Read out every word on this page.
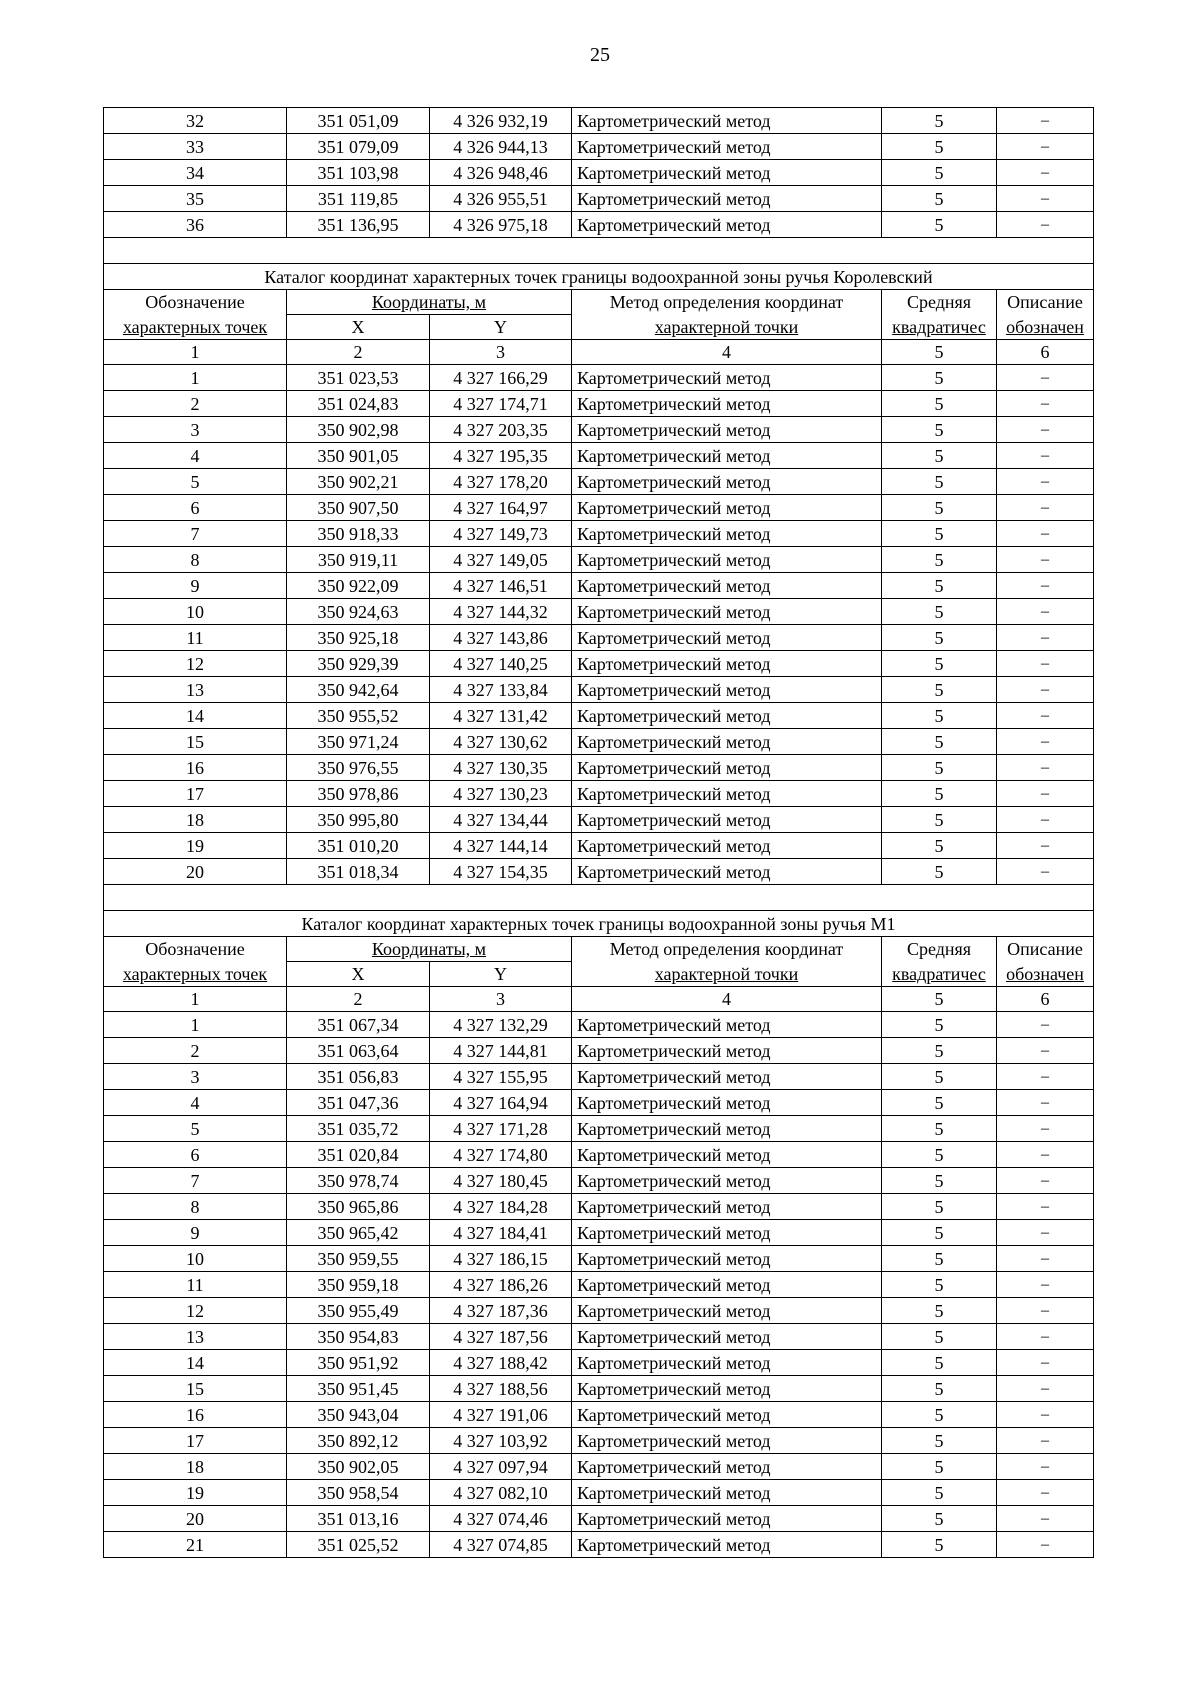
25
32	351 051,09	4 326 932,19	Картометрический метод	5	–
33	351 079,09	4 326 944,13	Картометрический метод	5	–
34	351 103,98	4 326 948,46	Картометрический метод	5	–
35	351 119,85	4 326 955,51	Картометрический метод	5	–
36	351 136,95	4 326 975,18	Картометрический метод	5	–

Каталог координат характерных точек границы водоохранной зоны ручья Королевский					
Обозначение	Координаты, м		Метод определения координат	Средняя	Описание
характерных точек	X	Y	характерной точки	квадратичес	обозначен
1	2	3	4	5	6
1	351 023,53	4 327 166,29	Картометрический метод	5	–
2	351 024,83	4 327 174,71	Картометрический метод	5	–
3	350 902,98	4 327 203,35	Картометрический метод	5	–
4	350 901,05	4 327 195,35	Картометрический метод	5	–
5	350 902,21	4 327 178,20	Картометрический метод	5	–
6	350 907,50	4 327 164,97	Картометрический метод	5	–
7	350 918,33	4 327 149,73	Картометрический метод	5	–
8	350 919,11	4 327 149,05	Картометрический метод	5	–
9	350 922,09	4 327 146,51	Картометрический метод	5	–
10	350 924,63	4 327 144,32	Картометрический метод	5	–
11	350 925,18	4 327 143,86	Картометрический метод	5	–
12	350 929,39	4 327 140,25	Картометрический метод	5	–
13	350 942,64	4 327 133,84	Картометрический метод	5	–
14	350 955,52	4 327 131,42	Картометрический метод	5	–
15	350 971,24	4 327 130,62	Картометрический метод	5	–
16	350 976,55	4 327 130,35	Картометрический метод	5	–
17	350 978,86	4 327 130,23	Картометрический метод	5	–
18	350 995,80	4 327 134,44	Картометрический метод	5	–
19	351 010,20	4 327 144,14	Картометрический метод	5	–
20	351 018,34	4 327 154,35	Картометрический метод	5	–

Каталог координат характерных точек границы водоохранной зоны ручья М1					
Обозначение	Координаты, м		Метод определения координат	Средняя	Описание
характерных точек	X	Y	характерной точки	квадратичес	обозначен
1	2	3	4	5	6
1	351 067,34	4 327 132,29	Картометрический метод	5	–
2	351 063,64	4 327 144,81	Картометрический метод	5	–
3	351 056,83	4 327 155,95	Картометрический метод	5	–
4	351 047,36	4 327 164,94	Картометрический метод	5	–
5	351 035,72	4 327 171,28	Картометрический метод	5	–
6	351 020,84	4 327 174,80	Картометрический метод	5	–
7	350 978,74	4 327 180,45	Картометрический метод	5	–
8	350 965,86	4 327 184,28	Картометрический метод	5	–
9	350 965,42	4 327 184,41	Картометрический метод	5	–
10	350 959,55	4 327 186,15	Картометрический метод	5	–
11	350 959,18	4 327 186,26	Картометрический метод	5	–
12	350 955,49	4 327 187,36	Картометрический метод	5	–
13	350 954,83	4 327 187,56	Картометрический метод	5	–
14	350 951,92	4 327 188,42	Картометрический метод	5	–
15	350 951,45	4 327 188,56	Картометрический метод	5	–
16	350 943,04	4 327 191,06	Картометрический метод	5	–
17	350 892,12	4 327 103,92	Картометрический метод	5	–
18	350 902,05	4 327 097,94	Картометрический метод	5	–
19	350 958,54	4 327 082,10	Картометрический метод	5	–
20	351 013,16	4 327 074,46	Картометрический метод	5	–
21	351 025,52	4 327 074,85	Картометрический метод	5	–
